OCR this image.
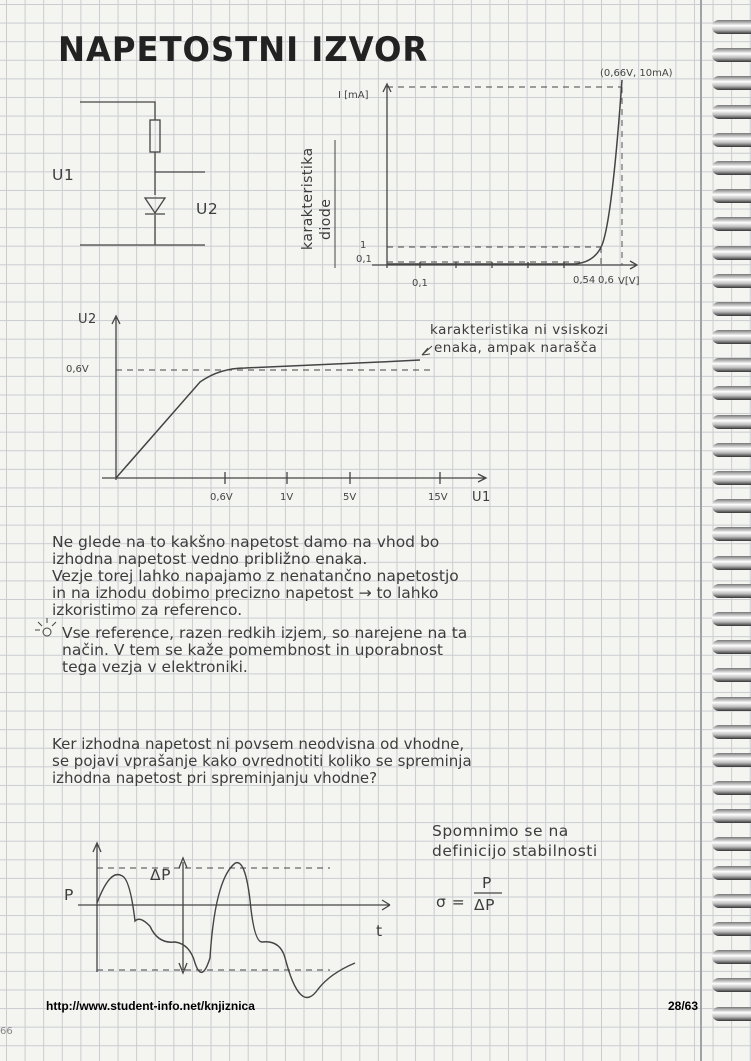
NAPETOSTNI IZVOR
U1
U2	karakteristika diode
I [mA]
(0,66V, 10mA)
1
0,1
0,1	0,54 0,6 V[V]
U2
0,6V
0,6V	1V	5V	15V U1
karakteristika ni vsiskozi
enaka, ampak narašča
Ne glede na to kakšno napetost damo na vhod bo
izhodna napetost vedno približno enaka.
Vezje torej lahko napajamo z nenatančno napetostjo
in na izhodu dobimo precizno napetost → to lahko
izkoristimo za referenco.
Vse reference, razen redkih izjem, so narejene na ta
način. V tem se kaže pomembnost in uporabnost
tega vezja v elektroniki.
Ker izhodna napetost ni povsem neodvisna od vhodne,
se pojavi vprašanje kako ovrednotiti koliko se spreminja
izhodna napetost pri spreminjanju vhodne?
P
t
ΔP
Spomnimo se na
definicijo stabilnosti
σ =
P
ΔP
http://www.student-info.net/knjiznica	28/63
66
